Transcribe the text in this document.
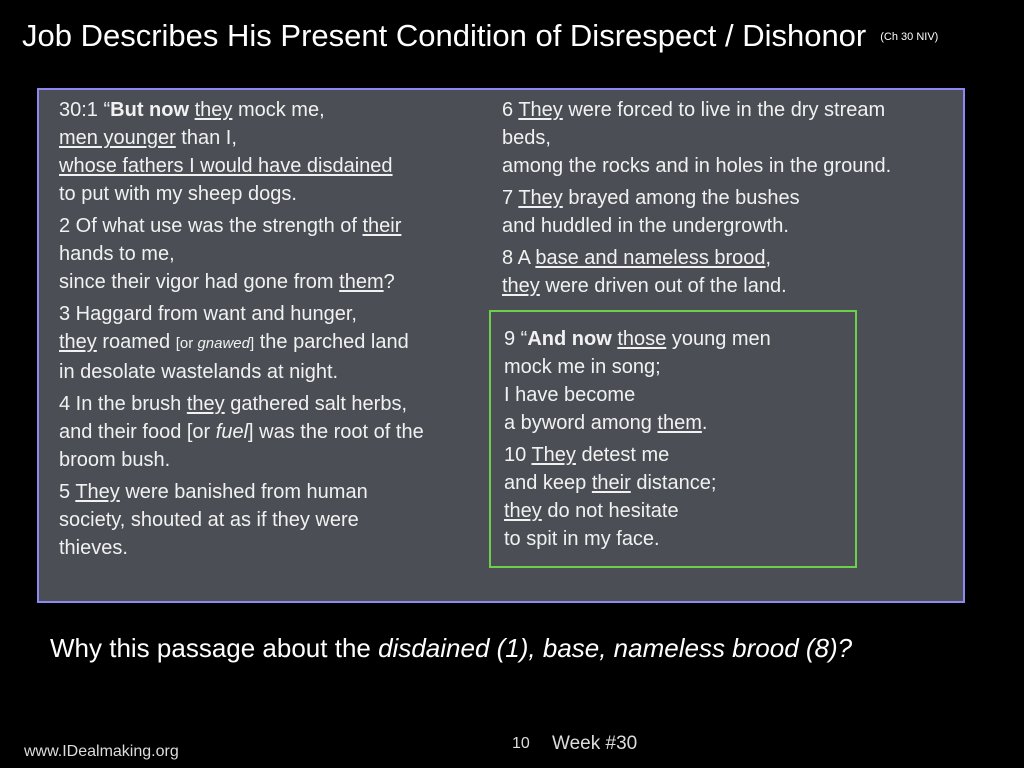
Job Describes His Present Condition of Disrespect / Dishonor (Ch 30 NIV)
30:1 “But now they mock me,
men younger than I,
whose fathers I would have disdained
to put with my sheep dogs.
2 Of what use was the strength of their
hands to me,
since their vigor had gone from them?
3 Haggard from want and hunger,
they roamed [or gnawed] the parched land
in desolate wastelands at night.
4 In the brush they gathered salt herbs,
and their food [or fuel] was the root of the
broom bush.
5 They were banished from human
society, shouted at as if they were
thieves.
6 They were forced to live in the dry stream
beds,
among the rocks and in holes in the ground.
7 They brayed among the bushes
and huddled in the undergrowth.
8 A base and nameless brood,
they were driven out of the land.
9 “And now those young men
mock me in song;
I have become
a byword among them.
10 They detest me
and keep their distance;
they do not hesitate
to spit in my face.
Why this passage about the disdained (1), base, nameless brood (8)?
www.IDealmaking.org	10 Week #30
